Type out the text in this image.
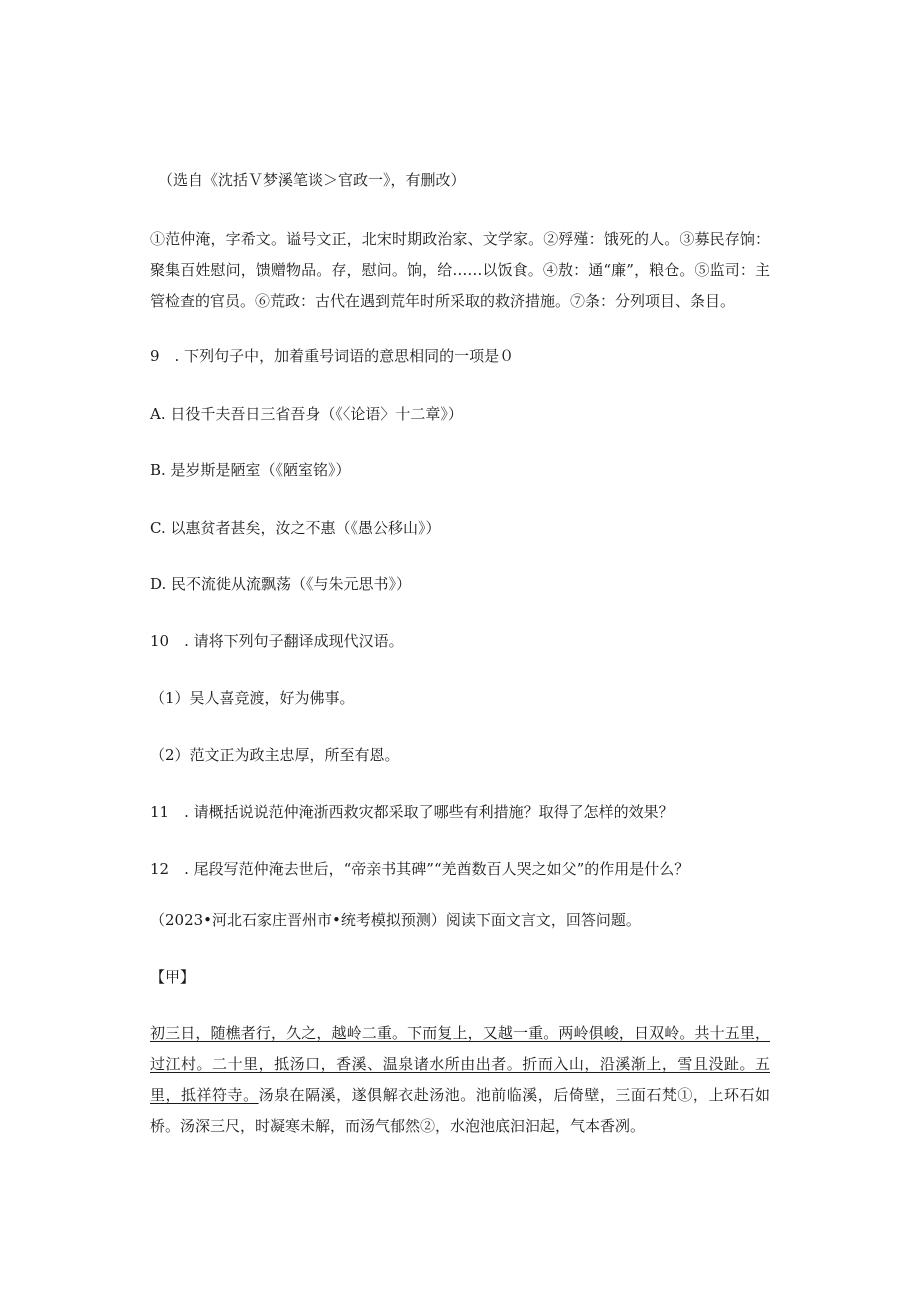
（选自《沈括Ｖ梦溪笔谈＞官政一》，有删改）
①范仲淹，字希文。谥号文正，北宋时期政治家、文学家。②殍殣：饿死的人。③募民存饷：聚集百姓慰问，馈赠物品。存，慰问。饷，给……以饭食。④敖：通“廉”，粮仓。⑤监司：主管检查的官员。⑥荒政：古代在遇到荒年时所采取的救济措施。⑦条：分列项目、条目。
9　. 下列句子中，加着重号词语的意思相同的一项是０
A. 日役千夫吾日三省吾身（《〈论语〉十二章》）
B. 是岁斯是陋室（《陋室铭》）
C. 以惠贫者甚矣，汝之不惠（《愚公移山》）
D. 民不流徙从流飘荡（《与朱元思书》）
10　. 请将下列句子翻译成现代汉语。
（1）吴人喜竞渡，好为佛事。
（2）范文正为政主忠厚，所至有恩。
11　. 请概括说说范仲淹浙西救灾都采取了哪些有利措施？取得了怎样的效果？
12　. 尾段写范仲淹去世后，“帝亲书其碑”“羌酋数百人哭之如父”的作用是什么？
（2023•河北石家庄晋州市•统考模拟预测）阅读下面文言文，回答问题。
【甲】
初三日，随樵者行，久之，越岭二重。下而复上，又越一重。两岭俱峻，日双岭。共十五里，过江村。二十里，抵汤口，香溪、温泉诸水所由出者。折而入山，沿溪渐上，雪且没趾。五里，抵祥符寺。汤泉在隔溪，遂俱解衣赴汤池。池前临溪，后倚壁，三面石梵①，上环石如桥。汤深三尺，时凝寒未解，而汤气郁然②，水泡池底汩汩起，气本香冽。
